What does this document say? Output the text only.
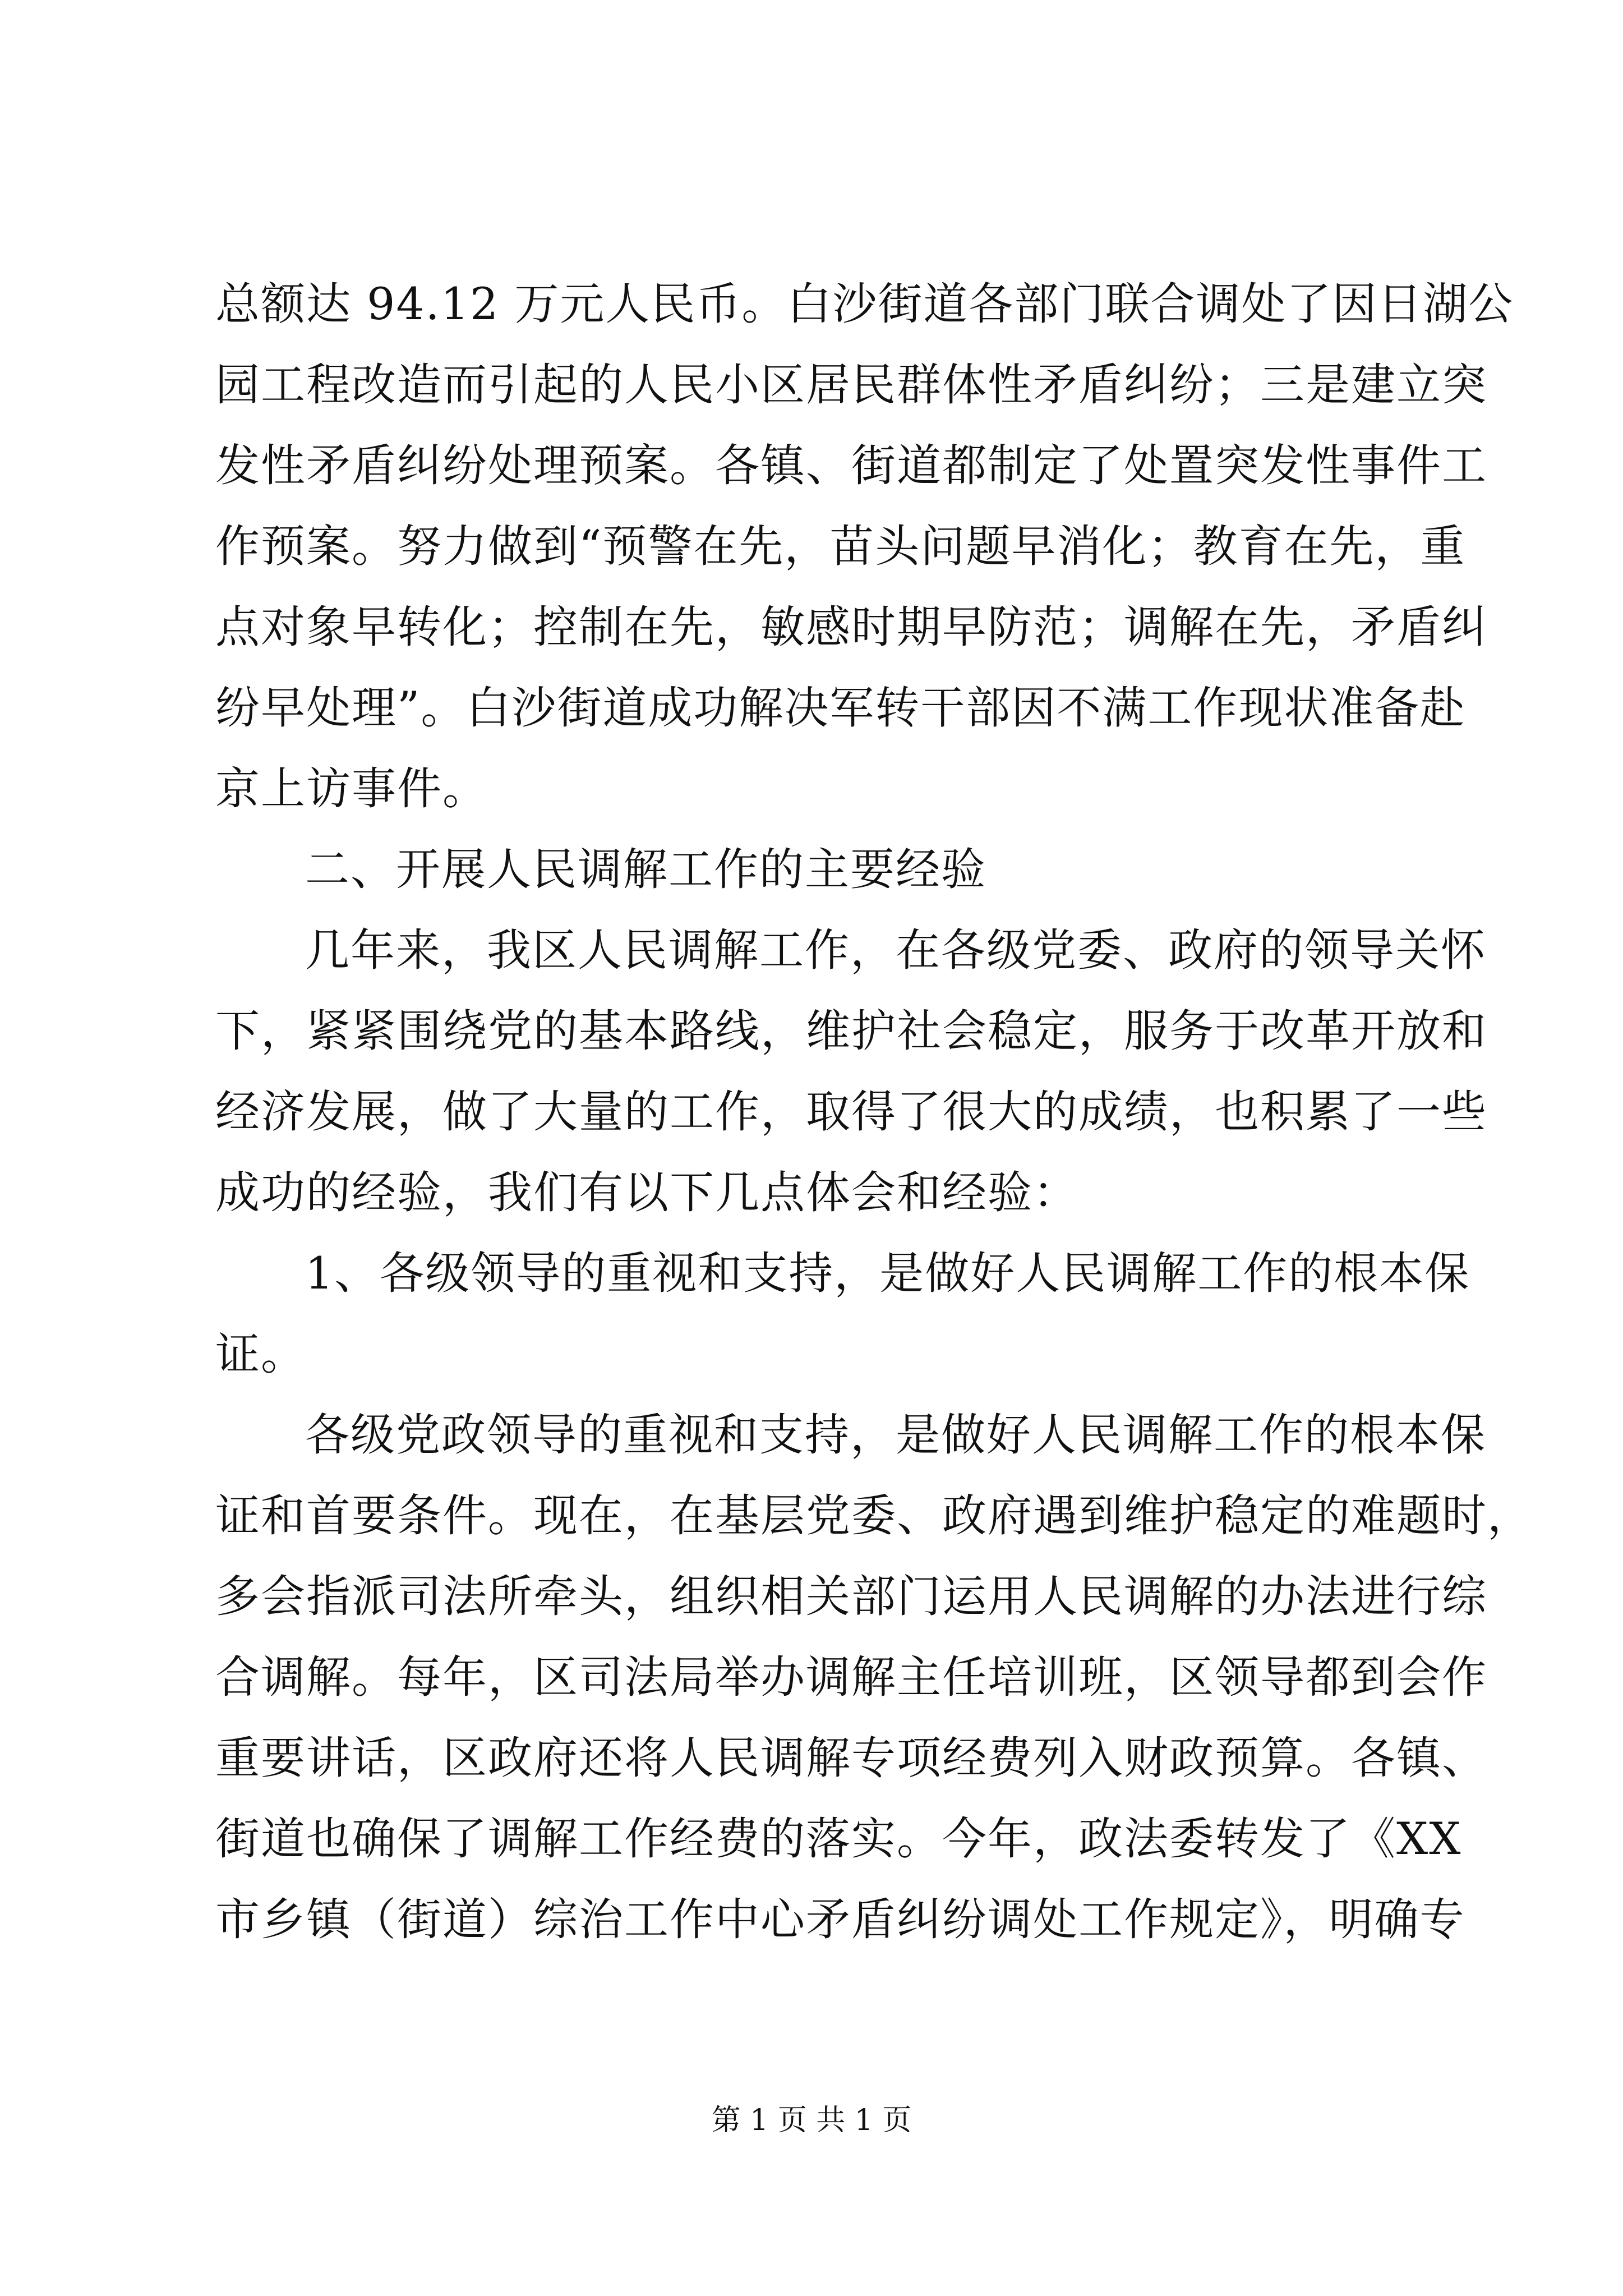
总额达 94.12 万元人民币。白沙街道各部门联合调处了因日湖公
园工程改造而引起的人民小区居民群体性矛盾纠纷；三是建立突
发性矛盾纠纷处理预案。各镇、街道都制定了处置突发性事件工
作预案。努力做到“预警在先，苗头问题早消化；教育在先，重
点对象早转化；控制在先，敏感时期早防范；调解在先，矛盾纠
纷早处理”。白沙街道成功解决军转干部因不满工作现状准备赴
京上访事件。
二、开展人民调解工作的主要经验
几年来，我区人民调解工作，在各级党委、政府的领导关怀
下，紧紧围绕党的基本路线，维护社会稳定，服务于改革开放和
经济发展，做了大量的工作，取得了很大的成绩，也积累了一些
成功的经验，我们有以下几点体会和经验：
1、各级领导的重视和支持，是做好人民调解工作的根本保
证。
各级党政领导的重视和支持，是做好人民调解工作的根本保
证和首要条件。现在，在基层党委、政府遇到维护稳定的难题时，
多会指派司法所牵头，组织相关部门运用人民调解的办法进行综
合调解。每年，区司法局举办调解主任培训班，区领导都到会作
重要讲话，区政府还将人民调解专项经费列入财政预算。各镇、
街道也确保了调解工作经费的落实。今年，政法委转发了《XX
市乡镇（街道）综治工作中心矛盾纠纷调处工作规定》，明确专
第 1 页 共 1 页
